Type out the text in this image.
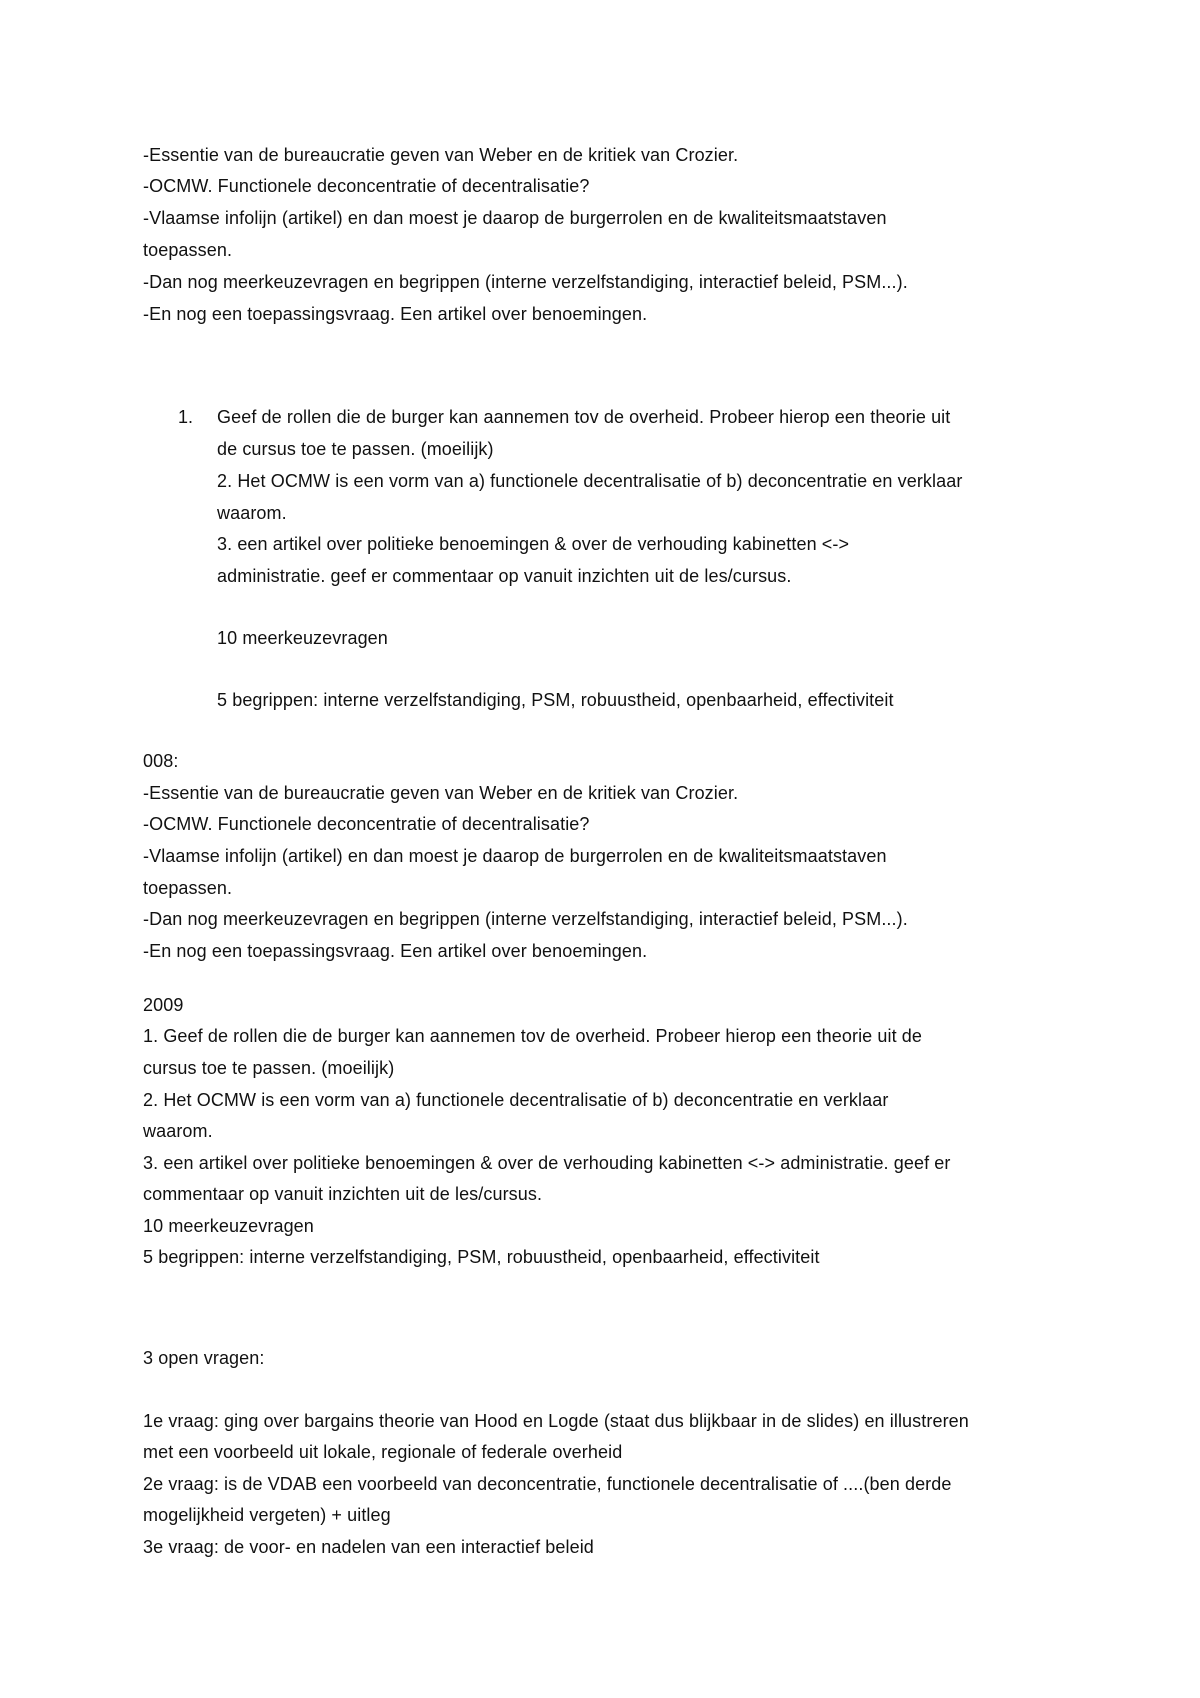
-Essentie van de bureaucratie geven van Weber en de kritiek van Crozier.
-OCMW. Functionele deconcentratie of decentralisatie?
-Vlaamse infolijn (artikel) en dan moest je daarop de burgerrolen en de kwaliteitsmaatstaven
toepassen.
-Dan nog meerkeuzevragen en begrippen (interne verzelfstandiging, interactief beleid, PSM...).
-En nog een toepassingsvraag. Een artikel over benoemingen.
1. Geef de rollen die de burger kan aannemen tov de overheid. Probeer hierop een theorie uit
de cursus toe te passen. (moeilijk)
2. Het OCMW is een vorm van a) functionele decentralisatie of b) deconcentratie en verklaar
waarom.
3. een artikel over politieke benoemingen & over de verhouding kabinetten <->
administratie. geef er commentaar op vanuit inzichten uit de les/cursus.
10 meerkeuzevragen
5 begrippen: interne verzelfstandiging, PSM, robuustheid, openbaarheid, effectiviteit
008:
-Essentie van de bureaucratie geven van Weber en de kritiek van Crozier.
-OCMW. Functionele deconcentratie of decentralisatie?
-Vlaamse infolijn (artikel) en dan moest je daarop de burgerrolen en de kwaliteitsmaatstaven
toepassen.
-Dan nog meerkeuzevragen en begrippen (interne verzelfstandiging, interactief beleid, PSM...).
-En nog een toepassingsvraag. Een artikel over benoemingen.
2009
1. Geef de rollen die de burger kan aannemen tov de overheid. Probeer hierop een theorie uit de
cursus toe te passen. (moeilijk)
2. Het OCMW is een vorm van a) functionele decentralisatie of b) deconcentratie en verklaar
waarom.
3. een artikel over politieke benoemingen & over de verhouding kabinetten <-> administratie. geef er
commentaar op vanuit inzichten uit de les/cursus.
10 meerkeuzevragen
5 begrippen: interne verzelfstandiging, PSM, robuustheid, openbaarheid, effectiviteit
3 open vragen:
1e vraag: ging over bargains theorie van Hood en Logde (staat dus blijkbaar in de slides) en illustreren
met een voorbeeld uit lokale, regionale of federale overheid
2e vraag: is de VDAB een voorbeeld van deconcentratie, functionele decentralisatie of ....(ben derde
mogelijkheid vergeten) + uitleg
3e vraag: de voor- en nadelen van een interactief beleid
